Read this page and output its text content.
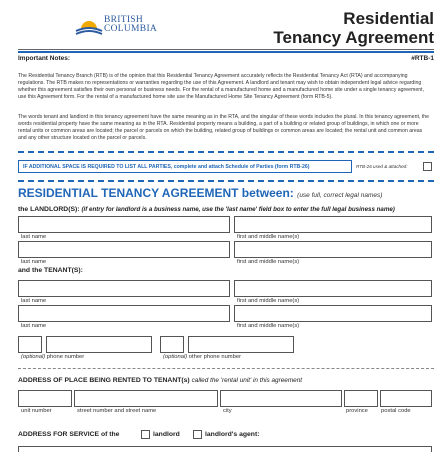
BRITISH
COLUMBIA
Residential
Tenancy Agreement
Important Notes:	#RTB-1
The Residential Tenancy Branch (RTB) is of the opinion that this Residential Tenancy Agreement accurately reflects the Residential Tenancy Act (RTA) and accompanying regulations. The RTB makes no representations or warranties regarding the use of this Agreement. A landlord and tenant may wish to obtain independent legal advice regarding whether this agreement satisfies their own personal or business needs. For the rental of a manufactured home and a manufactured home site under a single tenancy agreement, use this Agreement form. For the rental of a manufactured home site use the Manufactured Home Site Tenancy Agreement (form RTB-5).
The words tenant and landlord in this tenancy agreement have the same meaning as in the RTA, and the singular of these words includes the plural. In this tenancy agreement, the words residential property have the same meaning as in the RTA. Residential property means a building, a part of a building or related group of buildings, in which one or more rental units or common areas are located; the parcel or parcels on which the building, related group of buildings or common areas are located; the rental unit and common areas and any other structure located on the parcel or parcels.
IF ADDITIONAL SPACE IS REQUIRED TO LIST ALL PARTIES, complete and attach Schedule of Parties (form RTB-26)	RTB-26 used & attached:
RESIDENTIAL TENANCY AGREEMENT between: (use full, correct legal names)
the LANDLORD(S): (if entry for landlord is a business name, use the 'last name' field box to enter the full legal business name)
last name	first and middle name(s)
last name	first and middle name(s)
and the TENANT(S):
last name	first and middle name(s)
last name	first and middle name(s)
(optional) phone number	(optional) other phone number
ADDRESS OF PLACE BEING RENTED TO TENANT(s) called the 'rental unit' in this agreement
unit number	street number and street name	city	province postal code
ADDRESS FOR SERVICE of the	landlord	landlord's agent:
